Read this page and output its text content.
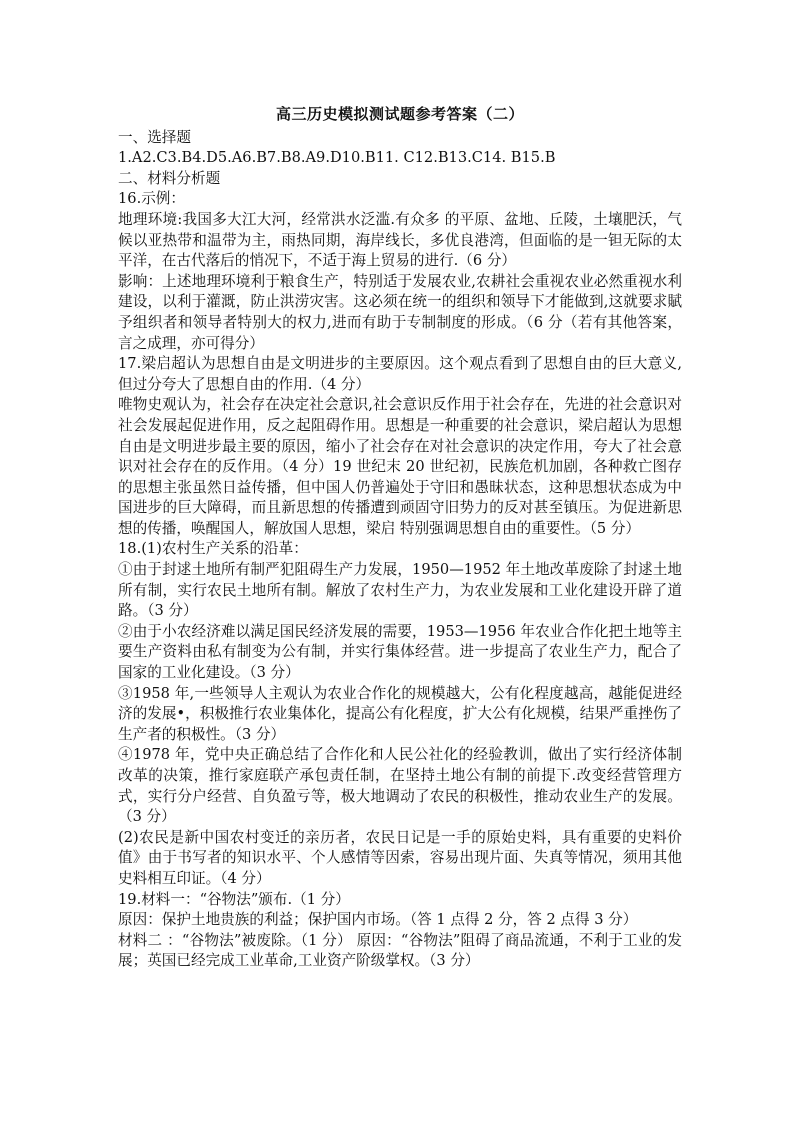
高三历史模拟测试题参考答案（二）
一、选择题
1.A2.C3.B4.D5.A6.B7.B8.A9.D10.B11. C12.B13.C14. B15.B
二、材料分析题
16.示例：
地理环境:我国多大江大河，经常洪水泛滥.有众多 的平原、盆地、丘陵，土壤肥沃，气候以亚热带和温带为主，雨热同期，海岸线长，多优良港湾，但面临的是一钽无际的太平洋，在古代落后的悄况下，不适于海上贸易的进行.（6 分）
影响：上述地理环境利于粮食生产，特别适于发展农业,农耕社会重视农业必然重视水利建设，以利于灌溉，防止洪涝灾害。这必须在统一的组织和领导下才能做到,这就要求賦予组织者和领导者特别大的权力,进而有助于专制制度的形成。（6 分（若有其他答案，言之成理，亦可得分）
17.梁启超认为思想自由是文明进步的主要原因。这个观点看到了思想自由的巨大意义,但过分夸大了思想自由的作用.（4 分）
唯物史观认为，社会存在决定社会意识,社会意识反作用于社会存在，先进的社会意识对社会发展起促进作用，反之起阻碍作用。思想是一种重要的社会意识，梁启超认为思想自由是文明进步最主要的原因，缩小了社会存在对社会意识的决定作用，夸大了社会意识对社会存在的反作用。（4 分）19 世纪末 20 世纪初，民族危机加剧，各种救亡图存的思想主张虽然日益传播，但中国人仍普遍处于守旧和愚昧状态，这种思想状态成为中国进步的巨大障碍，而且新思想的传播遭到顽固守旧势力的反对甚至镇压。为促进新思想的传播，唤醒国人，解放国人思想，梁启 特别强调思想自由的重要性。（5 分）
18.(1)农村生产关系的沿革：
①由于封逑土地所有制严犯阻碍生产力发展，1950—1952 年土地改革废除了封逑土地所有制，实行农民土地所有制。解放了农村生产力，为农业发展和工业化建设开辟了道路。（3 分）
②由于小农经济难以满足国民经济发展的需要，1953—1956 年农业合作化把土地等主要生产资料由私有制变为公有制，并实行集体经营。进一步提高了农业生产力，配合了国家的工业化建设。（3 分）
③1958 年,一些领导人主观认为农业合作化的规模越大，公有化程度越高，越能促进经济的发展•，积极推行农业集体化，提高公有化程度，扩大公有化规模，结果严重挫伤了生产者的积极性。（3 分）
④1978 年，党中央正确总结了合作化和人民公社化的经验教训，做出了实行经济体制改革的决策，推行家庭联产承包责任制，在坚持土地公有制的前提下.改变经营管理方式，实行分户经营、自负盈亏等，极大地调动了农民的积极性，推动农业生产的发展。（3 分）
(2)农民是新中国农村变迁的亲历者，农民日记是一手的原始史料，具有重要的史料价值》由于书写者的知识水平、个人感情等因索，容易出现片面、失真等情况，须用其他史料相互印证。（4 分）
19.材料一：“谷物法”颁布.（1 分）
原因：保护土地贵族的利益；保护国内市场。（答 1 点得 2 分，答 2 点得 3 分）
材料二 ：“谷物法”被废除。（1 分） 原因：“谷物法”阻碍了商品流通，不利于工业的发展；英国已经完成工业革命,工业资产阶级掌权。（3 分）
